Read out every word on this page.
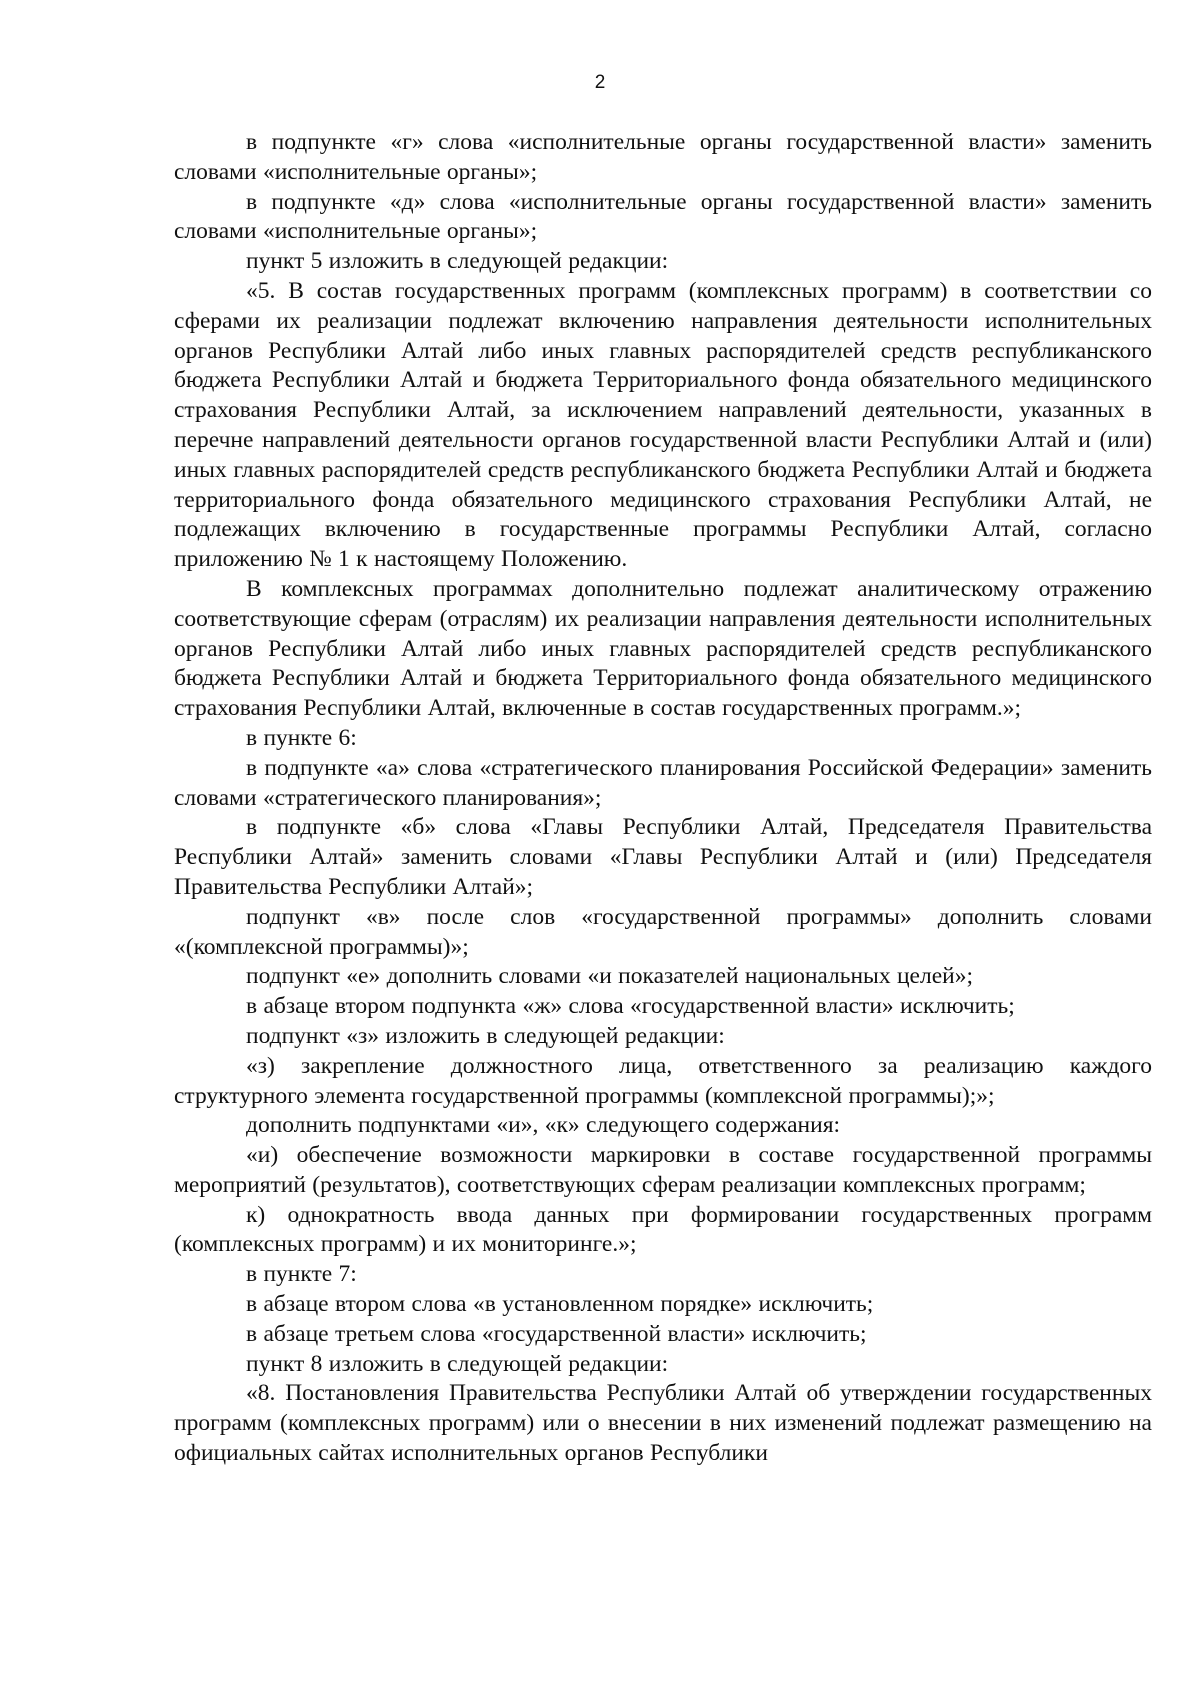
2

в подпункте «г» слова «исполнительные органы государственной власти» заменить словами «исполнительные органы»;

в подпункте «д» слова «исполнительные органы государственной власти» заменить словами «исполнительные органы»;

пункт 5 изложить в следующей редакции:

«5. В состав государственных программ (комплексных программ) в соответствии со сферами их реализации подлежат включению направления деятельности исполнительных органов Республики Алтай либо иных главных распорядителей средств республиканского бюджета Республики Алтай и бюджета Территориального фонда обязательного медицинского страхования Республики Алтай, за исключением направлений деятельности, указанных в перечне направлений деятельности органов государственной власти Республики Алтай и (или) иных главных распорядителей средств республиканского бюджета Республики Алтай и бюджета территориального фонда обязательного медицинского страхования Республики Алтай, не подлежащих включению в государственные программы Республики Алтай, согласно приложению № 1 к настоящему Положению.

В комплексных программах дополнительно подлежат аналитическому отражению соответствующие сферам (отраслям) их реализации направления деятельности исполнительных органов Республики Алтай либо иных главных распорядителей средств республиканского бюджета Республики Алтай и бюджета Территориального фонда обязательного медицинского страхования Республики Алтай, включенные в состав государственных программ.»;

в пункте 6:

в подпункте «а» слова «стратегического планирования Российской Федерации» заменить словами «стратегического планирования»;

в подпункте «б» слова «Главы Республики Алтай, Председателя Правительства Республики Алтай» заменить словами «Главы Республики Алтай и (или) Председателя Правительства Республики Алтай»;

подпункт «в» после слов «государственной программы» дополнить словами «(комплексной программы)»;

подпункт «е» дополнить словами «и показателей национальных целей»;

в абзаце втором подпункта «ж» слова «государственной власти» исключить;

подпункт «з» изложить в следующей редакции:

«з) закрепление должностного лица, ответственного за реализацию каждого структурного элемента государственной программы (комплексной программы);»;

дополнить подпунктами «и», «к» следующего содержания:

«и) обеспечение возможности маркировки в составе государственной программы мероприятий (результатов), соответствующих сферам реализации комплексных программ;

к) однократность ввода данных при формировании государственных программ (комплексных программ) и их мониторинге.»;

в пункте 7:

в абзаце втором слова «в установленном порядке» исключить;

в абзаце третьем слова «государственной власти» исключить;

пункт 8 изложить в следующей редакции:

«8. Постановления Правительства Республики Алтай об утверждении государственных программ (комплексных программ) или о внесении в них изменений подлежат размещению на официальных сайтах исполнительных органов Республики
